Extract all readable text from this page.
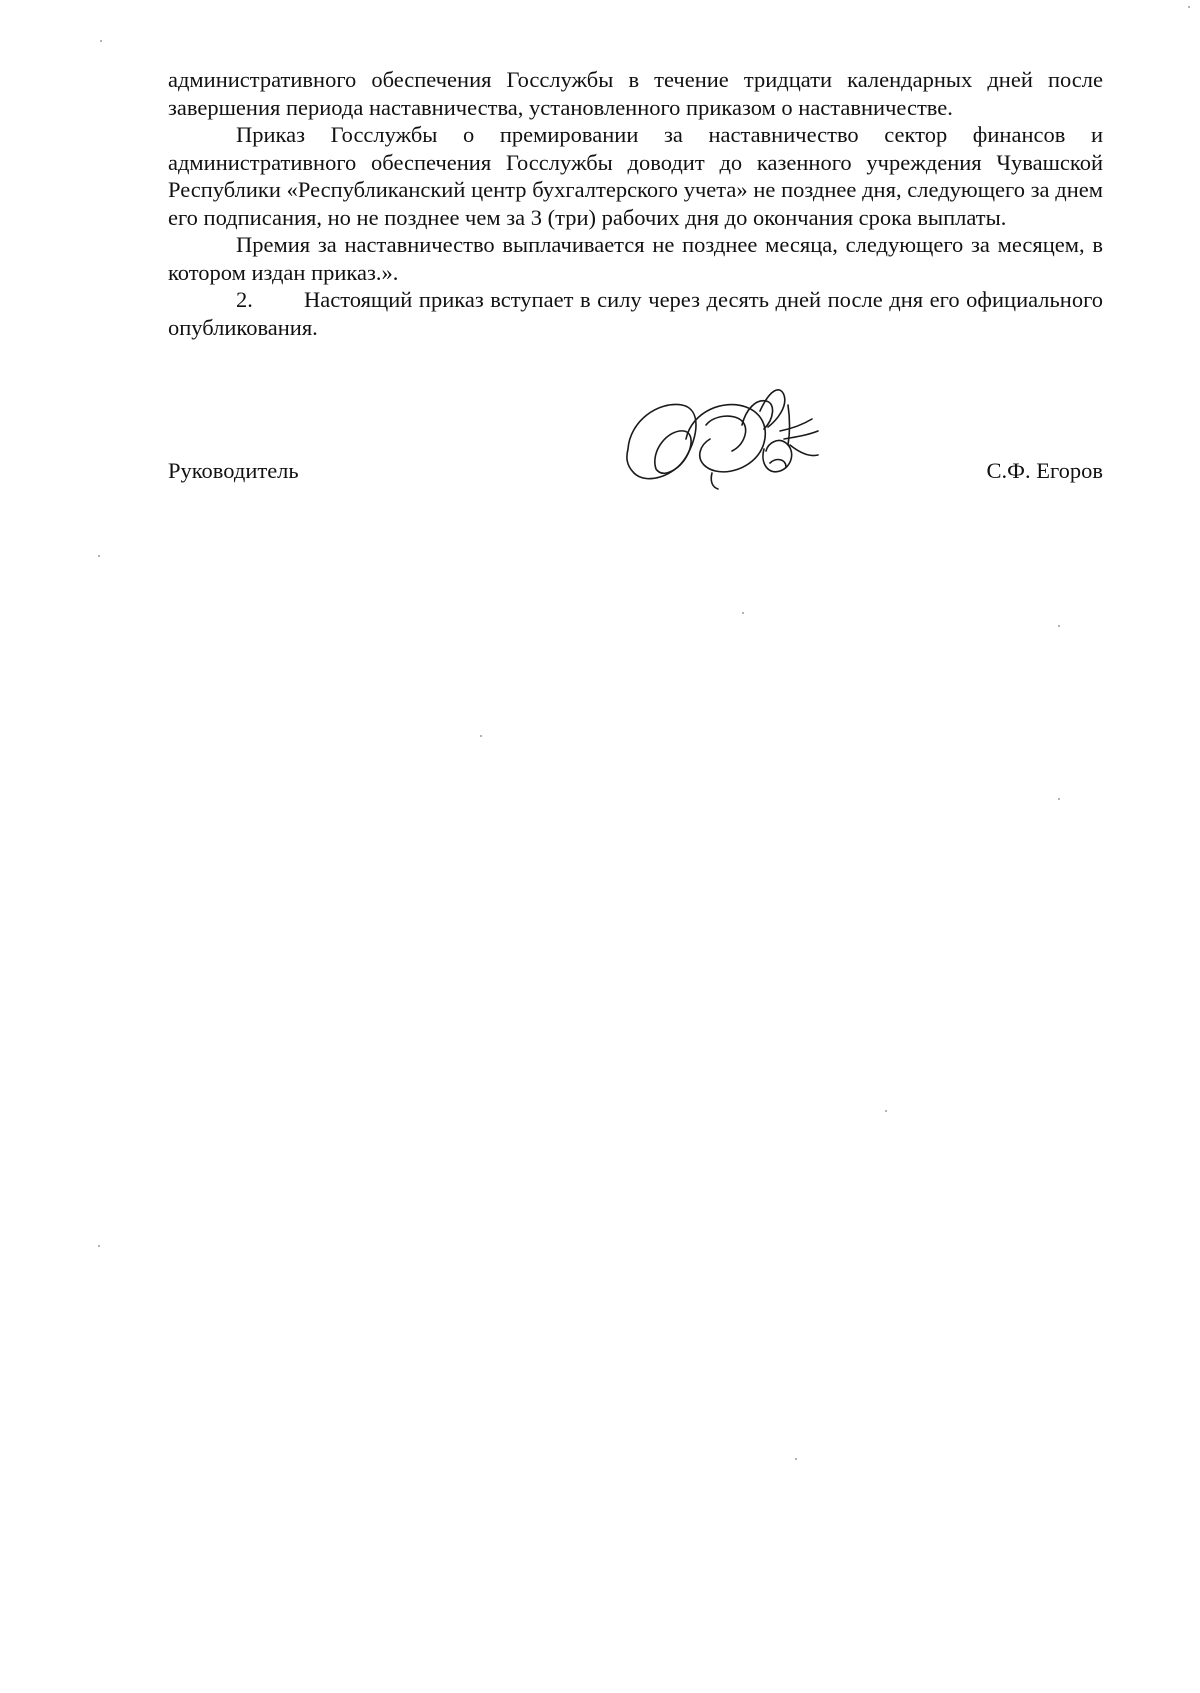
административного обеспечения Госслужбы в течение тридцати календарных дней после завершения периода наставничества, установленного приказом о наставничестве.

Приказ Госслужбы о премировании за наставничество сектор финансов и административного обеспечения Госслужбы доводит до казенного учреждения Чувашской Республики «Республиканский центр бухгалтерского учета» не позднее дня, следующего за днем его подписания, но не позднее чем за 3 (три) рабочих дня до окончания срока выплаты.

Премия за наставничество выплачивается не позднее месяца, следующего за месяцем, в котором издан приказ.».

2. Настоящий приказ вступает в силу через десять дней после дня его официального опубликования.

Руководитель	С.Ф. Егоров
